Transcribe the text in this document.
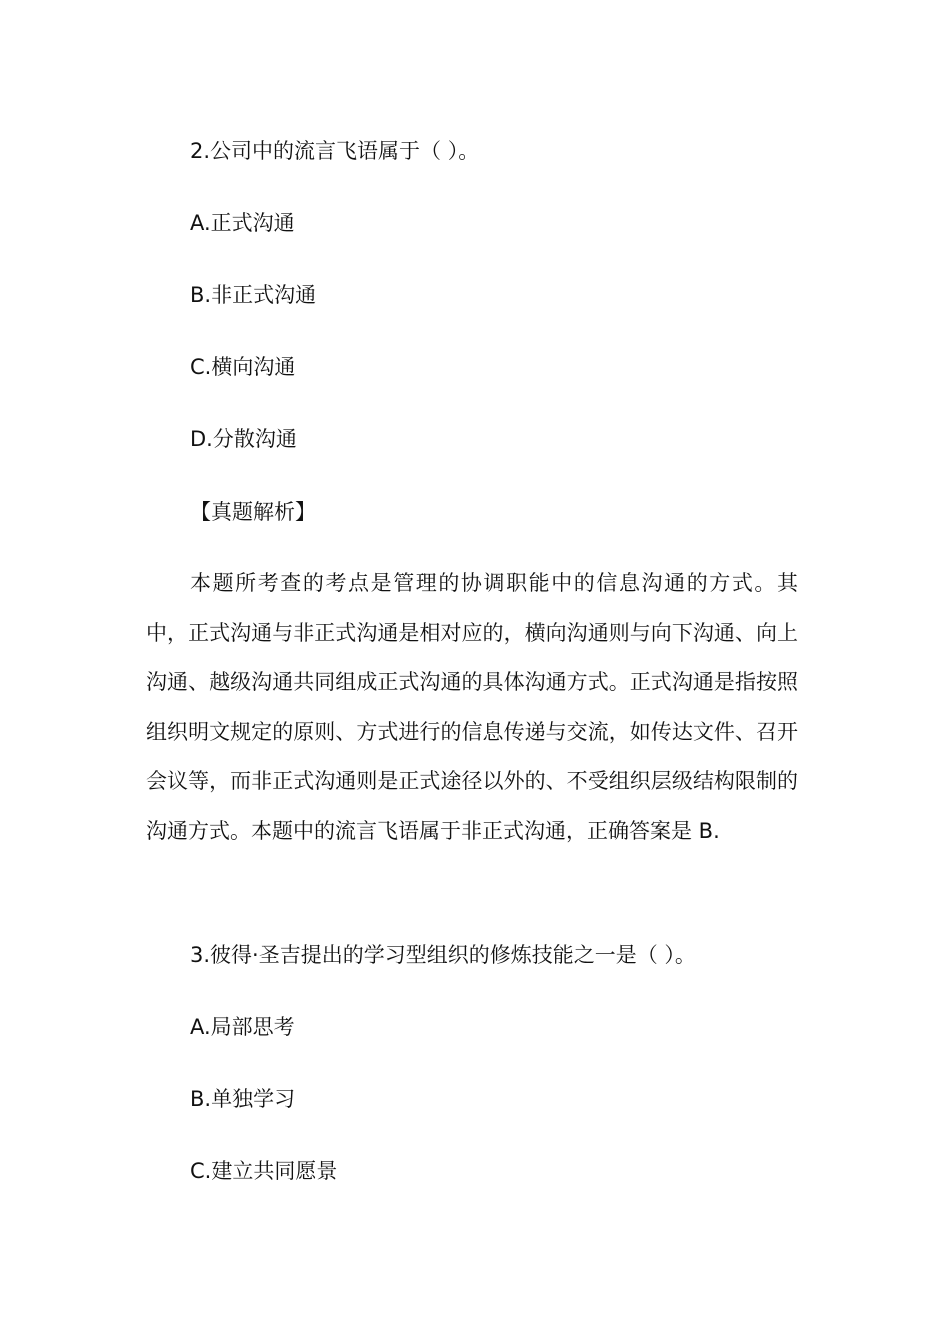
2.公司中的流言飞语属于（ ）。
A.正式沟通
B.非正式沟通
C.横向沟通
D.分散沟通
【真题解析】
本题所考查的考点是管理的协调职能中的信息沟通的方式。其中，正式沟通与非正式沟通是相对应的，横向沟通则与向下沟通、向上沟通、越级沟通共同组成正式沟通的具体沟通方式。正式沟通是指按照组织明文规定的原则、方式进行的信息传递与交流，如传达文件、召开会议等，而非正式沟通则是正式途径以外的、不受组织层级结构限制的沟通方式。本题中的流言飞语属于非正式沟通，正确答案是 B.
3.彼得·圣吉提出的学习型组织的修炼技能之一是（ ）。
A.局部思考
B.单独学习
C.建立共同愿景
